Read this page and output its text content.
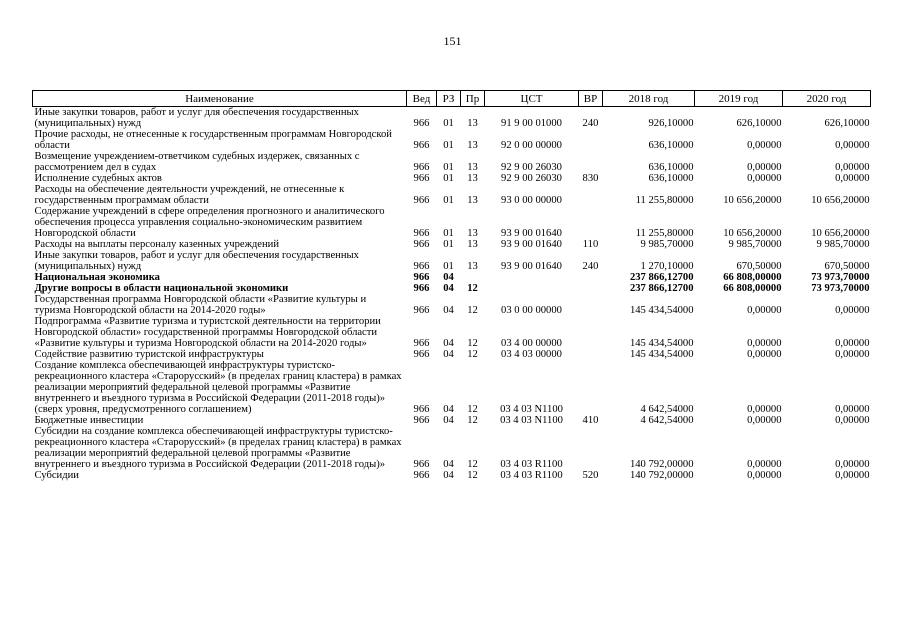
151
Наименование	Вед	РЗ	Пр	ЦСТ	ВР	2018 год	2019 год	2020 год
Иные закупки товаров, работ и услуг для обеспечения государственных (муниципальных) нужд	966	01	13	91 9 00 01000	240	926,10000	626,10000	626,10000
Прочие расходы, не отнесенные к государственным программам Новгородской области	966	01	13	92 0 00 00000		636,10000	0,00000	0,00000
Возмещение учреждением-ответчиком судебных издержек, связанных с рассмотрением дел в судах	966	01	13	92 9 00 26030		636,10000	0,00000	0,00000
Исполнение судебных актов	966	01	13	92 9 00 26030	830	636,10000	0,00000	0,00000
Расходы на обеспечение деятельности учреждений, не отнесенные к государственным программам области	966	01	13	93 0 00 00000		11 255,80000	10 656,20000	10 656,20000
Содержание учреждений в сфере определения прогнозного и аналитического обеспечения процесса управления социально-экономическим развитием Новгородской области	966	01	13	93 9 00 01640		11 255,80000	10 656,20000	10 656,20000
Расходы на выплаты персоналу казенных учреждений	966	01	13	93 9 00 01640	110	9 985,70000	9 985,70000	9 985,70000
Иные закупки товаров, работ и услуг для обеспечения государственных (муниципальных) нужд	966	01	13	93 9 00 01640	240	1 270,10000	670,50000	670,50000
Национальная экономика	966	04				237 866,12700	66 808,00000	73 973,70000
Другие вопросы в области национальной экономики	966	04	12			237 866,12700	66 808,00000	73 973,70000
Государственная программа Новгородской области «Развитие культуры и туризма Новгородской области на 2014-2020 годы»	966	04	12	03 0 00 00000		145 434,54000	0,00000	0,00000
Подпрограмма «Развитие туризма и туристской деятельности на территории Новгородской области» государственной программы Новгородской области «Развитие культуры и туризма Новгородской области на 2014-2020 годы»	966	04	12	03 4 00 00000		145 434,54000	0,00000	0,00000
Содействие развитию туристской инфраструктуры	966	04	12	03 4 03 00000		145 434,54000	0,00000	0,00000
Создание комплекса обеспечивающей инфраструктуры туристско-рекреационного кластера «Старорусский» (в пределах границ кластера) в рамках реализации мероприятий федеральной целевой программы «Развитие внутреннего и въездного туризма в Российской Федерации (2011-2018 годы)» (сверх уровня, предусмотренного соглашением)	966	04	12	03 4 03 N1100		4 642,54000	0,00000	0,00000
Бюджетные инвестиции	966	04	12	03 4 03 N1100	410	4 642,54000	0,00000	0,00000
Субсидии на создание комплекса обеспечивающей инфраструктуры туристско-рекреационного кластера «Старорусский» (в пределах границ кластера) в рамках реализации мероприятий федеральной целевой программы «Развитие внутреннего и въездного туризма в Российской Федерации (2011-2018 годы)»	966	04	12	03 4 03 R1100		140 792,00000	0,00000	0,00000
Субсидии	966	04	12	03 4 03 R1100	520	140 792,00000	0,00000	0,00000
